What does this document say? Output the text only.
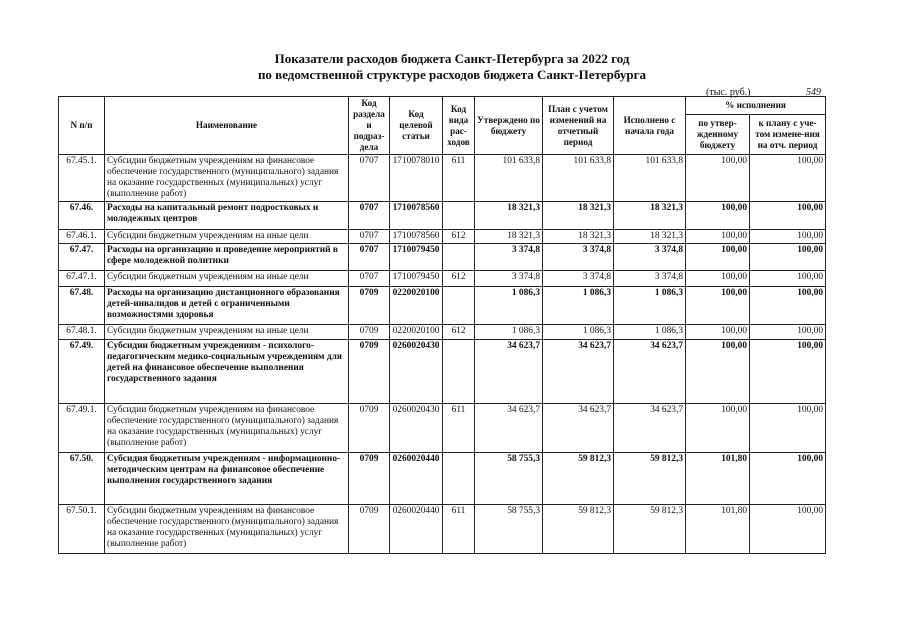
Показатели расходов бюджета Санкт-Петербурга за 2022 год
по ведомственной структуре расходов бюджета Санкт-Петербурга
(тыс. руб.)	549
N п/п	Наименование	Код раздела и подраз-дела	Код целевой статьи	Код вида рас-ходов	Утверждено по бюджету	План с учетом изменений на отчетный период	Исполнено с начала года	% исполнения	
								по утвер-жденному бюджету	к плану с уче-том измене-ния на отч. период
67.45.1.	Субсидии бюджетным учреждениям на финансовое обеспечение государственного (муниципального) задания на оказание государственных (муниципальных) услуг (выполнение работ)	0707	1710078010	611	101 633,8	101 633,8	101 633,8	100,00	100,00
67.46.	Расходы на капитальный ремонт подростковых и молодежных центров	0707	1710078560		18 321,3	18 321,3	18 321,3	100,00	100,00
67.46.1.	Субсидии бюджетным учреждениям на иные цели	0707	1710078560	612	18 321,3	18 321,3	18 321,3	100,00	100,00
67.47.	Расходы на организацию и проведение мероприятий в сфере молодежной политики	0707	1710079450		3 374,8	3 374,8	3 374,8	100,00	100,00
67.47.1.	Субсидии бюджетным учреждениям на иные цели	0707	1710079450	612	3 374,8	3 374,8	3 374,8	100,00	100,00
67.48.	Расходы на организацию дистанционного образования детей-инвалидов и детей с ограниченными возможностями здоровья	0709	0220020100		1 086,3	1 086,3	1 086,3	100,00	100,00
67.48.1.	Субсидии бюджетным учреждениям на иные цели	0709	0220020100	612	1 086,3	1 086,3	1 086,3	100,00	100,00
67.49.	Субсидии бюджетным учреждениям - психолого-педагогическим медико-социальным учреждениям для детей на финансовое обеспечение выполнения государственного задания	0709	0260020430		34 623,7	34 623,7	34 623,7	100,00	100,00
67.49.1.	Субсидии бюджетным учреждениям на финансовое обеспечение государственного (муниципального) задания на оказание государственных (муниципальных) услуг (выполнение работ)	0709	0260020430	611	34 623,7	34 623,7	34 623,7	100,00	100,00
67.50.	Субсидия бюджетным учреждениям - информационно-методическим центрам на финансовое обеспечение выполнения государственного задания	0709	0260020440		58 755,3	59 812,3	59 812,3	101,80	100,00
67.50.1.	Субсидии бюджетным учреждениям на финансовое обеспечение государственного (муниципального) задания на оказание государственных (муниципальных) услуг (выполнение работ)	0709	0260020440	611	58 755,3	59 812,3	59 812,3	101,80	100,00
